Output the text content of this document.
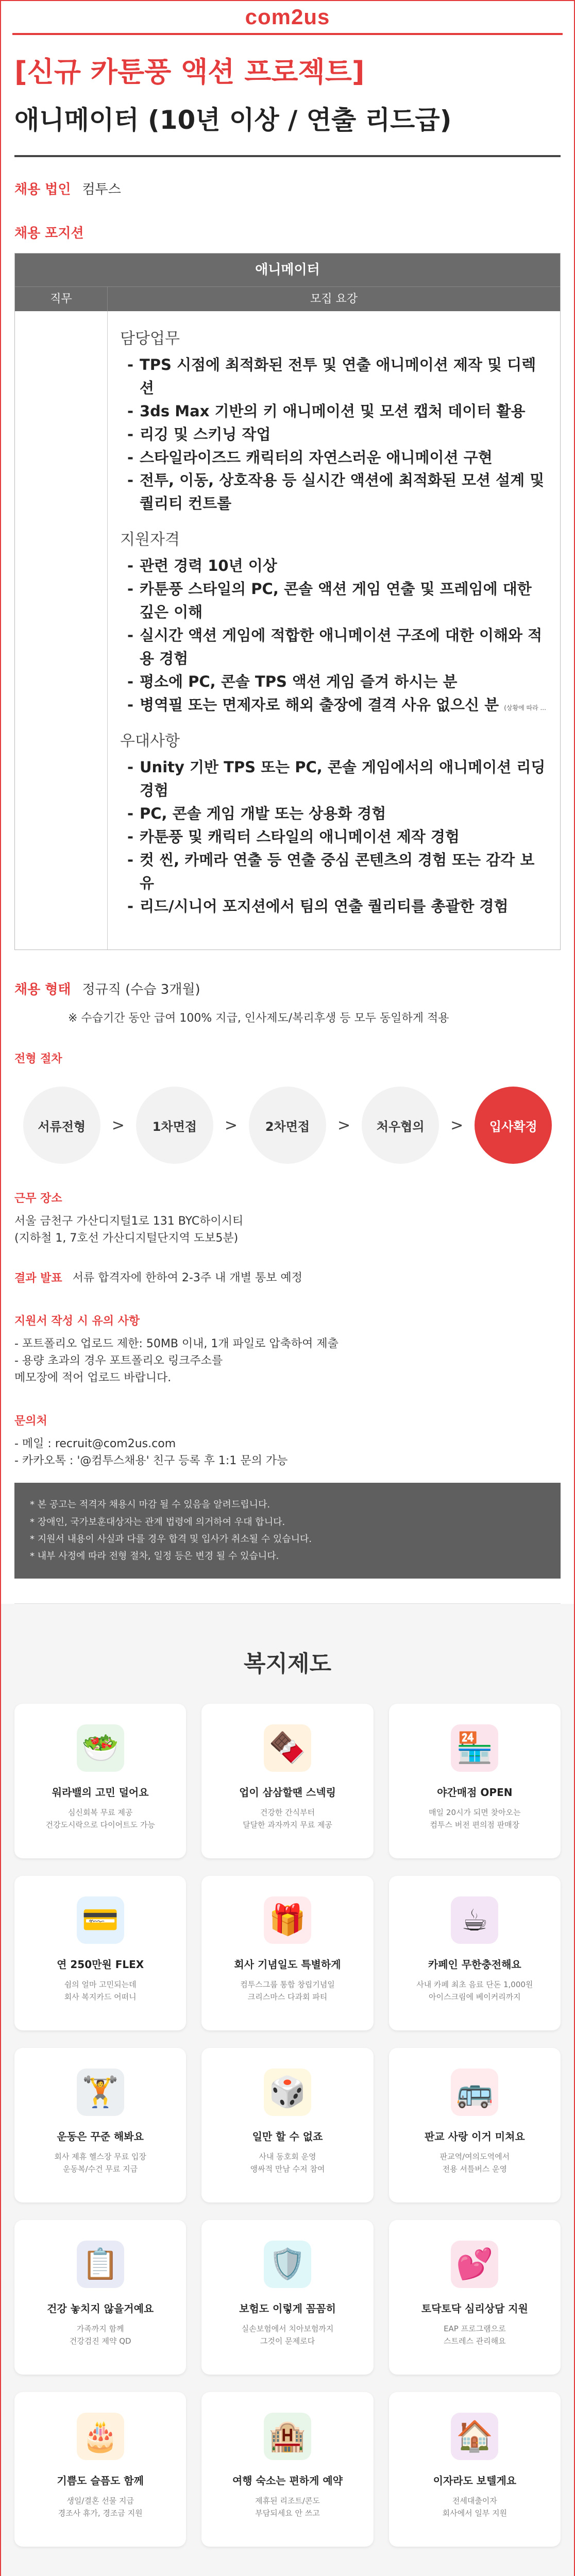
com2us
[신규 카툰풍 액션 프로젝트]
애니메이터 (10년 이상 / 연출 리드급)
채용 법인 컴투스
채용 포지션
애니메이터
직무	모집 요강
담당업무
- TPS 시점에 최적화된 전투 및 연출 애니메이션 제작 및 디렉션
- 3ds Max 기반의 키 애니메이션 및 모션 캡처 데이터 활용
- 리깅 및 스키닝 작업
- 스타일라이즈드 캐릭터의 자연스러운 애니메이션 구현
- 전투, 이동, 상호작용 등 실시간 액션에 최적화된 모션 설계 및 퀄리티 컨트롤
지원자격
- 관련 경력 10년 이상
- 카툰풍 스타일의 PC, 콘솔 액션 게임 연출 및 프레임에 대한 깊은 이해
- 실시간 액션 게임에 적합한 애니메이션 구조에 대한 이해와 적용 경험
- 평소에 PC, 콘솔 TPS 액션 게임 즐겨 하시는 분
- 병역필 또는 면제자로 해외 출장에 결격 사유 없으신 분 (상황에 따라 ...
우대사항
- Unity 기반 TPS 또는 PC, 콘솔 게임에서의 애니메이션 리딩 경험
- PC, 콘솔 게임 개발 또는 상용화 경험
- 카툰풍 및 캐릭터 스타일의 애니메이션 제작 경험
- 컷 씬, 카메라 연출 등 연출 중심 콘텐츠의 경험 또는 감각 보유
- 리드/시니어 포지션에서 팀의 연출 퀄리티를 총괄한 경험
채용 형태 정규직 (수습 3개월)
※ 수습기간 동안 급여 100% 지급, 인사제도/복리후생 등 모두 동일하게 적용
전형 절차
서류전형	>	1차면접	>	2차면접	>	처우협의	>	입사확정
근무 장소
서울 금천구 가산디지털1로 131 BYC하이시티
(지하철 1, 7호선 가산디지털단지역 도보5분)
결과 발표 서류 합격자에 한하여 2-3주 내 개별 통보 예정
지원서 작성 시 유의 사항
- 포트폴리오 업로드 제한: 50MB 이내, 1개 파일로 압축하여 제출
- 용량 초과의 경우 포트폴리오 링크주소를
메모장에 적어 업로드 바랍니다.
문의처
- 메일 : recruit@com2us.com
- 카카오톡 : '@컴투스채용' 친구 등록 후 1:1 문의 가능
* 본 공고는 적격자 채용시 마감 될 수 있음을 알려드립니다.
* 장애인, 국가보훈대상자는 관계 법령에 의거하여 우대 합니다.
* 지원서 내용이 사실과 다를 경우 합격 및 입사가 취소될 수 있습니다.
* 내부 사정에 따라 전형 절차, 일정 등은 변경 될 수 있습니다.
복지제도
🥗
워라밸의 고민 덜어요
심신회복 무료 제공
건강도시락으로 다이어트도 가능
🍫
업이 삼삼할땐 스넥링
건강한 간식부터
달달한 과자까지 무료 제공
🏪
야간매점 OPEN
매일 20시가 되면 찾아오는
컴투스 버전 편의점 판매장
💳
연 250만원 FLEX
쉼의 얼마 고민되는데
회사 복지카드 어떠니
🎁
회사 기념일도 특별하게
컴투스그룹 통합 창립기념일
크리스마스 다과회 파티
☕
카페인 무한충전해요
사내 카페 최초 음료 단돈 1,000원
아이스크림에 베이커리까지
🏋️
운동은 꾸준 해봐요
회사 제휴 헬스장 무료 입장
운동복/수건 무료 지급
🎲
일만 할 수 없죠
사내 동호회 운영
앵싸적 만남 수저 참여
🚌
판교 사랑 이거 미쳐요
판교역/여의도역에서
전용 셔틀버스 운영
📋
건강 놓치지 않을거예요
가족까지 함께
건강검진 제약 QD
🛡️
보험도 이렇게 꼼꼼히
실손보험에서 치아보험까지
그것이 문제로다
💕
토닥토닥 심리상담 지원
EAP 프로그램으로
스트레스 관리해요
🎂
기쁨도 슬픔도 함께
생일/결혼 선물 지급
경조사 휴가, 경조금 지원
🏨
여행 숙소는 편하게 예약
제휴된 리조트/콘도
부담되세요 안 쓰고
🏠
이자라도 보텔게요
전세대출이자
회사에서 일부 지원
